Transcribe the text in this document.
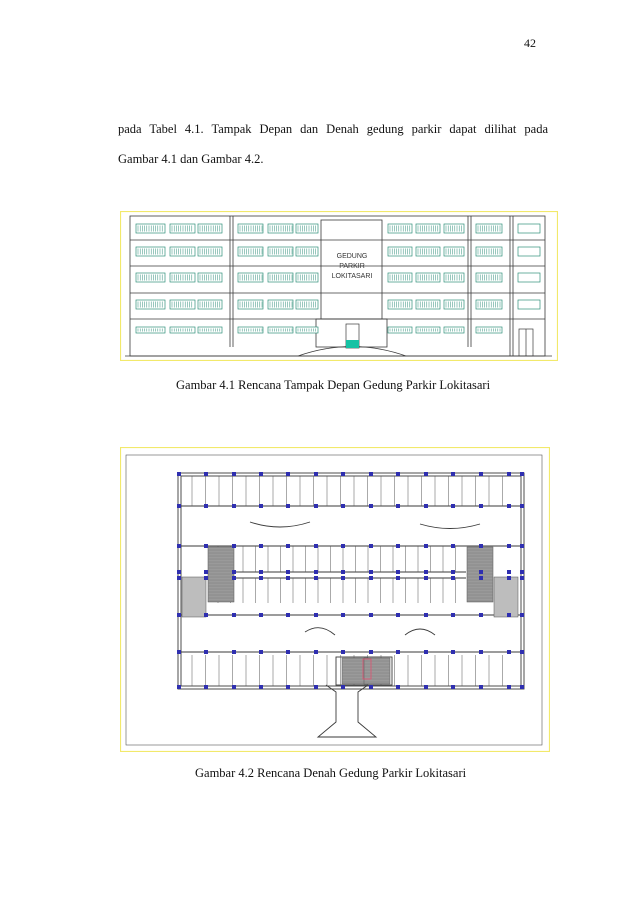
42
pada Tabel 4.1. Tampak Depan dan Denah gedung parkir dapat dilihat pada
Gambar 4.1 dan Gambar 4.2.
GEDUNG
PARKIR
LOKITASARI
Gambar 4.1 Rencana Tampak Depan Gedung Parkir Lokitasari
Gambar 4.2 Rencana Denah Gedung Parkir Lokitasari
